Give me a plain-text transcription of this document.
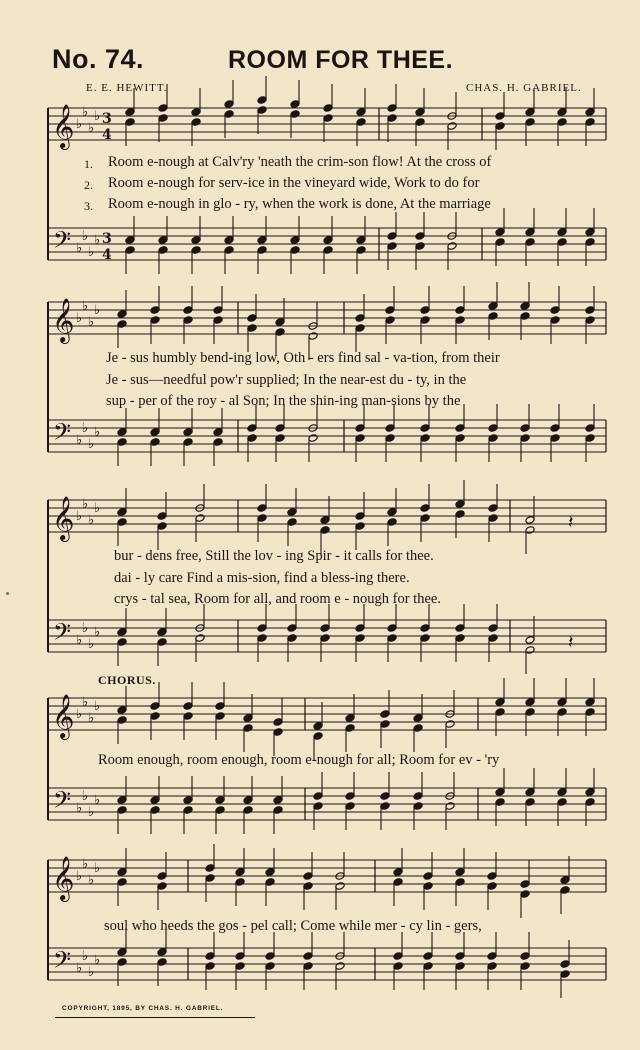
𝄞
𝄢
♭
♭
♭
♭
♭
♭
♭
♭
3
4
3
4
𝄞
𝄢
♭
♭
♭
♭
♭
♭
♭
♭
𝄞
𝄢
♭
♭
♭
♭
♭
♭
♭
♭
𝄽
𝄽
𝄞
𝄢
♭
♭
♭
♭
♭
♭
♭
♭
𝄞
𝄢
♭
♭
♭
♭
♭
♭
♭
♭
No. 74.	ROOM FOR THEE.
E. E. HEWITT.	CHAS. H. GABRIEL.
1.
2.
3.
Room e-nough at Calv'ry 'neath the crim-son flow! At the cross of
Room e-nough for serv-ice in the vineyard wide, Work to do for
Room e-nough in glo - ry, when the work is done, At the marriage
Je - sus humbly bend-ing low, Oth - ers find sal - va-tion, from their
Je - sus—needful pow'r supplied; In the near-est du - ty, in the
sup - per of the roy - al Son; In the shin-ing man-sions by the
bur - dens free, Still the lov - ing Spir - it calls for thee.
dai - ly care Find a mis-sion, find a bless-ing there.
crys - tal sea, Room for all, and room e - nough for thee.
CHORUS.
Room enough, room enough, room e-nough for all; Room for ev - 'ry
soul who heeds the gos - pel call; Come while mer - cy lin - gers,
COPYRIGHT, 1895, BY CHAS. H. GABRIEL.
